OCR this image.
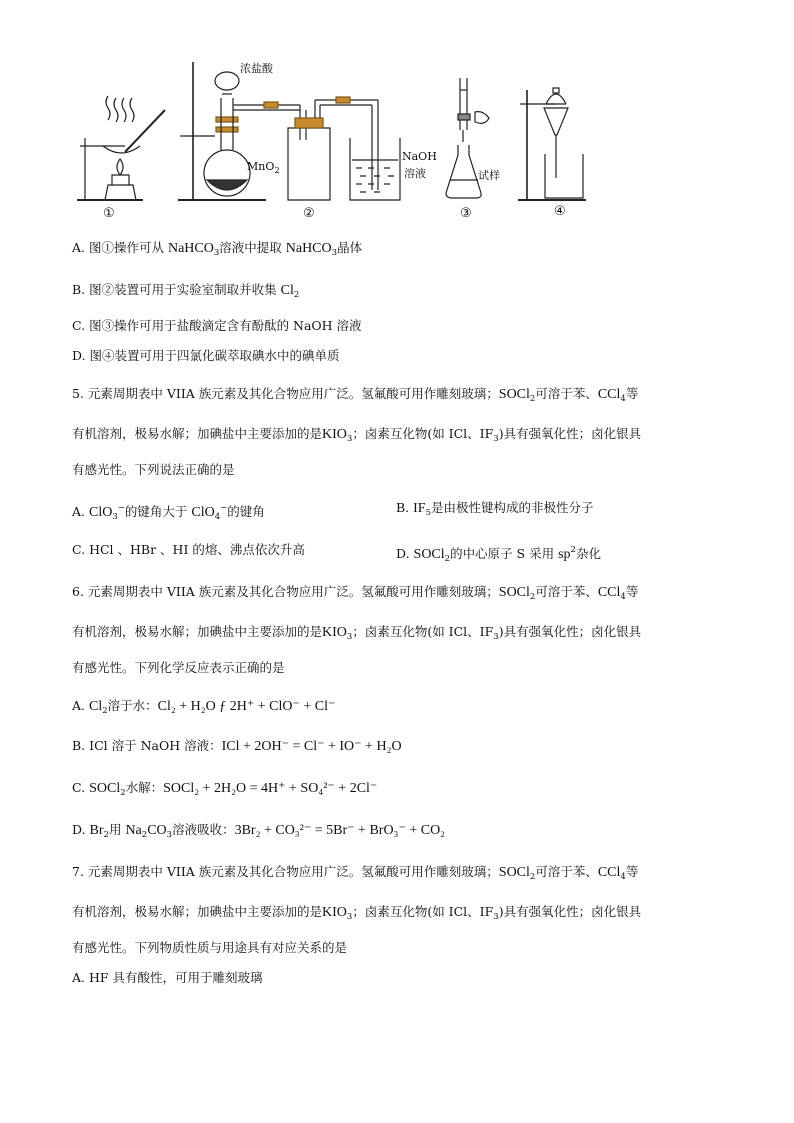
浓盐酸
MnO$_2$
NaOH
溶液	试样
①	②	③	④
A. 图①操作可从 NaHCO$_3$溶液中提取 NaHCO$_3$晶体
B. 图②装置可用于实验室制取并收集 $Cl_2$
C. 图③操作可用于盐酸滴定含有酚酞的 NaOH 溶液
D. 图④装置可用于四氯化碳萃取碘水中的碘单质
5. 元素周期表中 VIIA 族元素及其化合物应用广泛。氢氟酸可用作雕刻玻璃；SOCl$_2$可溶于苯、CCl$_4$等
有机溶剂，极易水解；加碘盐中主要添加的是$KIO_3$；卤素互化物(如 ICl、$IF_3$)具有强氧化性；卤化银具
有感光性。下列说法正确的是
A. ClO$_3$−的键角大于 ClO$_4$−的键角	B. $IF_5$是由极性键构成的非极性分子
C. HCl 、HBr 、HI 的熔、沸点依次升高	D. SOCl$_2$的中心原子 S 采用 $sp^2$杂化
6. 元素周期表中 VIIA 族元素及其化合物应用广泛。氢氟酸可用作雕刻玻璃；SOCl$_2$可溶于苯、CCl$_4$等
有机溶剂，极易水解；加碘盐中主要添加的是$KIO_3$；卤素互化物(如 ICl、$IF_3$)具有强氧化性；卤化银具
有感光性。下列化学反应表示正确的是
A. $Cl_2$溶于水：Cl₂ + H₂O ƒ 2H⁺ + ClO⁻ + Cl⁻
B. ICl 溶于 NaOH 溶液：ICl + 2OH⁻ = Cl⁻ + IO⁻ + H₂O
C. SOCl$_2$水解：SOCl₂ + 2H₂O = 4H⁺ + SO₄²⁻ + 2Cl⁻
D. $Br_2$用 $Na_2CO_3$溶液吸收：3Br₂ + CO₃²⁻ = 5Br⁻ + BrO₃⁻ + CO₂
7. 元素周期表中 VIIA 族元素及其化合物应用广泛。氢氟酸可用作雕刻玻璃；SOCl$_2$可溶于苯、CCl$_4$等
有机溶剂，极易水解；加碘盐中主要添加的是$KIO_3$；卤素互化物(如 ICl、$IF_3$)具有强氧化性；卤化银具
有感光性。下列物质性质与用途具有对应关系的是
A. HF 具有酸性，可用于雕刻玻璃
